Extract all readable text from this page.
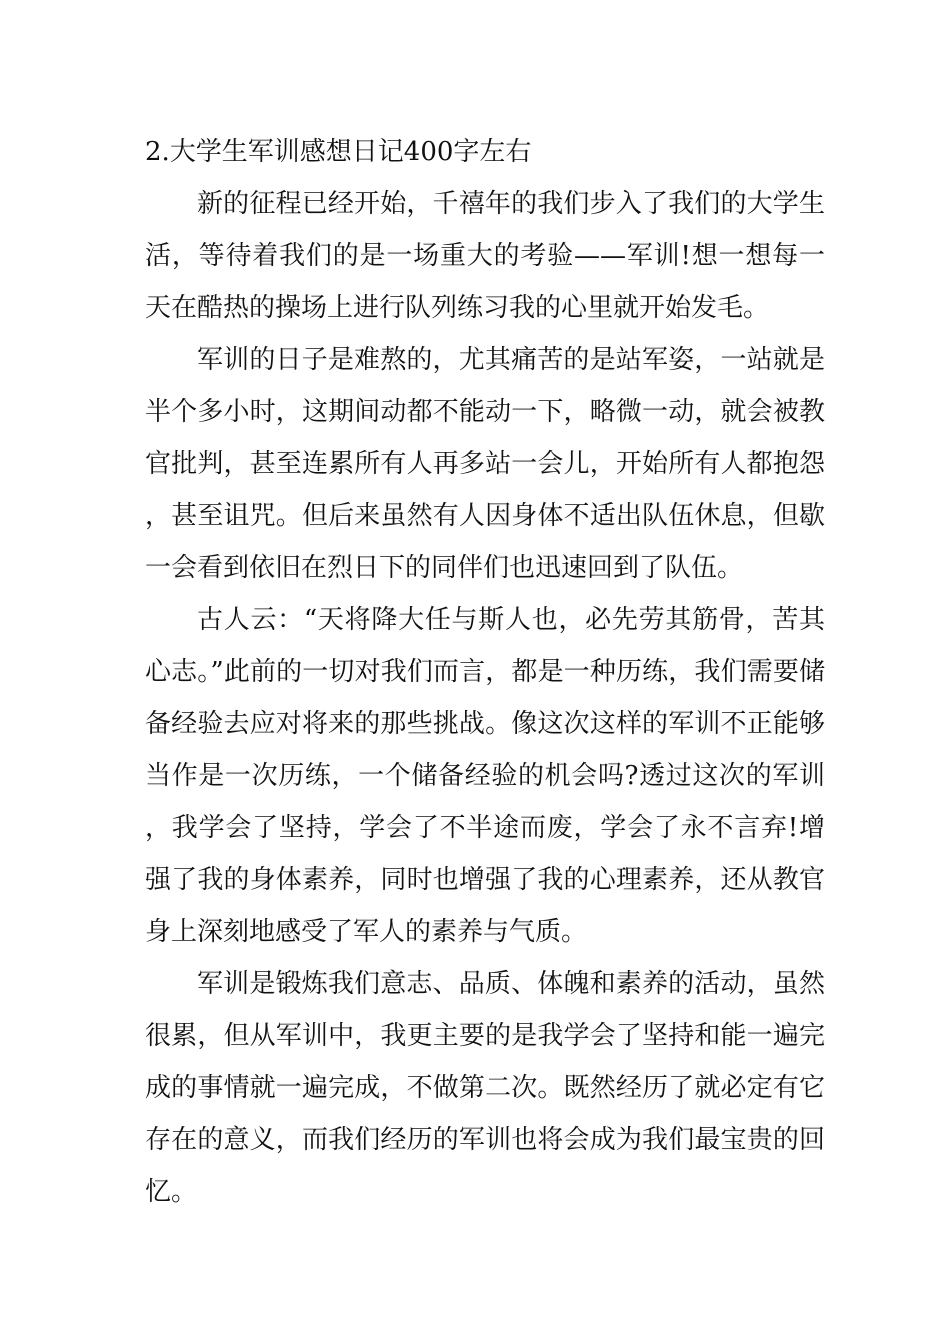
2.大学生军训感想日记400字左右

新的征程已经开始，千禧年的我们步入了我们的大学生活，等待着我们的是一场重大的考验——军训!想一想每一天在酷热的操场上进行队列练习我的心里就开始发毛。

军训的日子是难熬的，尤其痛苦的是站军姿，一站就是半个多小时，这期间动都不能动一下，略微一动，就会被教官批判，甚至连累所有人再多站一会儿，开始所有人都抱怨，甚至诅咒。但后来虽然有人因身体不适出队伍休息，但歇一会看到依旧在烈日下的同伴们也迅速回到了队伍。

古人云：“天将降大任与斯人也，必先劳其筋骨，苦其心志。”此前的一切对我们而言，都是一种历练，我们需要储备经验去应对将来的那些挑战。像这次这样的军训不正能够当作是一次历练，一个储备经验的机会吗?透过这次的军训，我学会了坚持，学会了不半途而废，学会了永不言弃!增强了我的身体素养，同时也增强了我的心理素养，还从教官身上深刻地感受了军人的素养与气质。

军训是锻炼我们意志、品质、体魄和素养的活动，虽然很累，但从军训中，我更主要的是我学会了坚持和能一遍完成的事情就一遍完成，不做第二次。既然经历了就必定有它存在的意义，而我们经历的军训也将会成为我们最宝贵的回忆。
